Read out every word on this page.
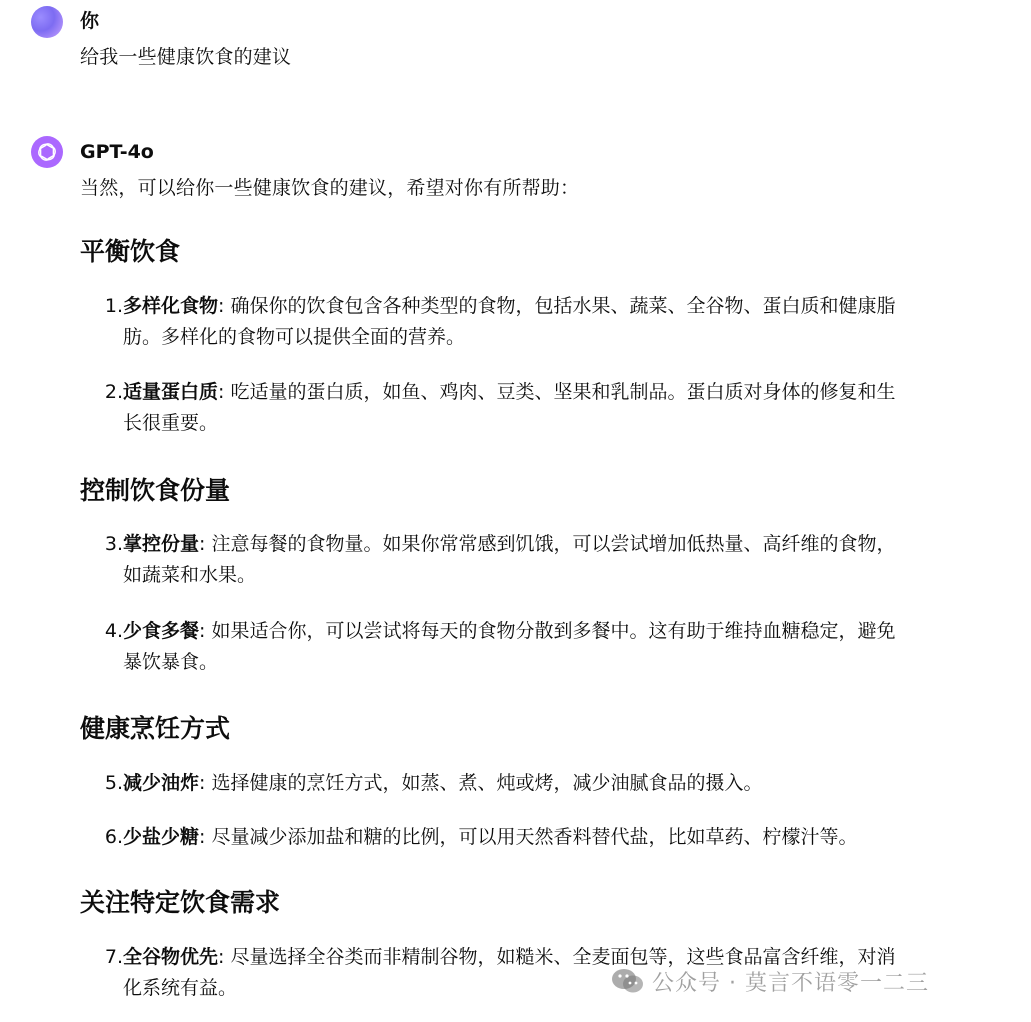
你
给我一些健康饮食的建议
GPT-4o
当然，可以给你一些健康饮食的建议，希望对你有所帮助：
平衡饮食
1. 多样化食物: 确保你的饮食包含各种类型的食物，包括水果、蔬菜、全谷物、蛋白质和健康脂
肪。多样化的食物可以提供全面的营养。
2. 适量蛋白质: 吃适量的蛋白质，如鱼、鸡肉、豆类、坚果和乳制品。蛋白质对身体的修复和生
长很重要。
控制饮食份量
3. 掌控份量: 注意每餐的食物量。如果你常常感到饥饿，可以尝试增加低热量、高纤维的食物，
如蔬菜和水果。
4. 少食多餐: 如果适合你，可以尝试将每天的食物分散到多餐中。这有助于维持血糖稳定，避免
暴饮暴食。
健康烹饪方式
5. 减少油炸: 选择健康的烹饪方式，如蒸、煮、炖或烤，减少油腻食品的摄入。
6. 少盐少糖: 尽量减少添加盐和糖的比例，可以用天然香料替代盐，比如草药、柠檬汁等。
关注特定饮食需求
7. 全谷物优先: 尽量选择全谷类而非精制谷物，如糙米、全麦面包等，这些食品富含纤维，对消
化系统有益。	公众号 · 莫言不语零一二三
